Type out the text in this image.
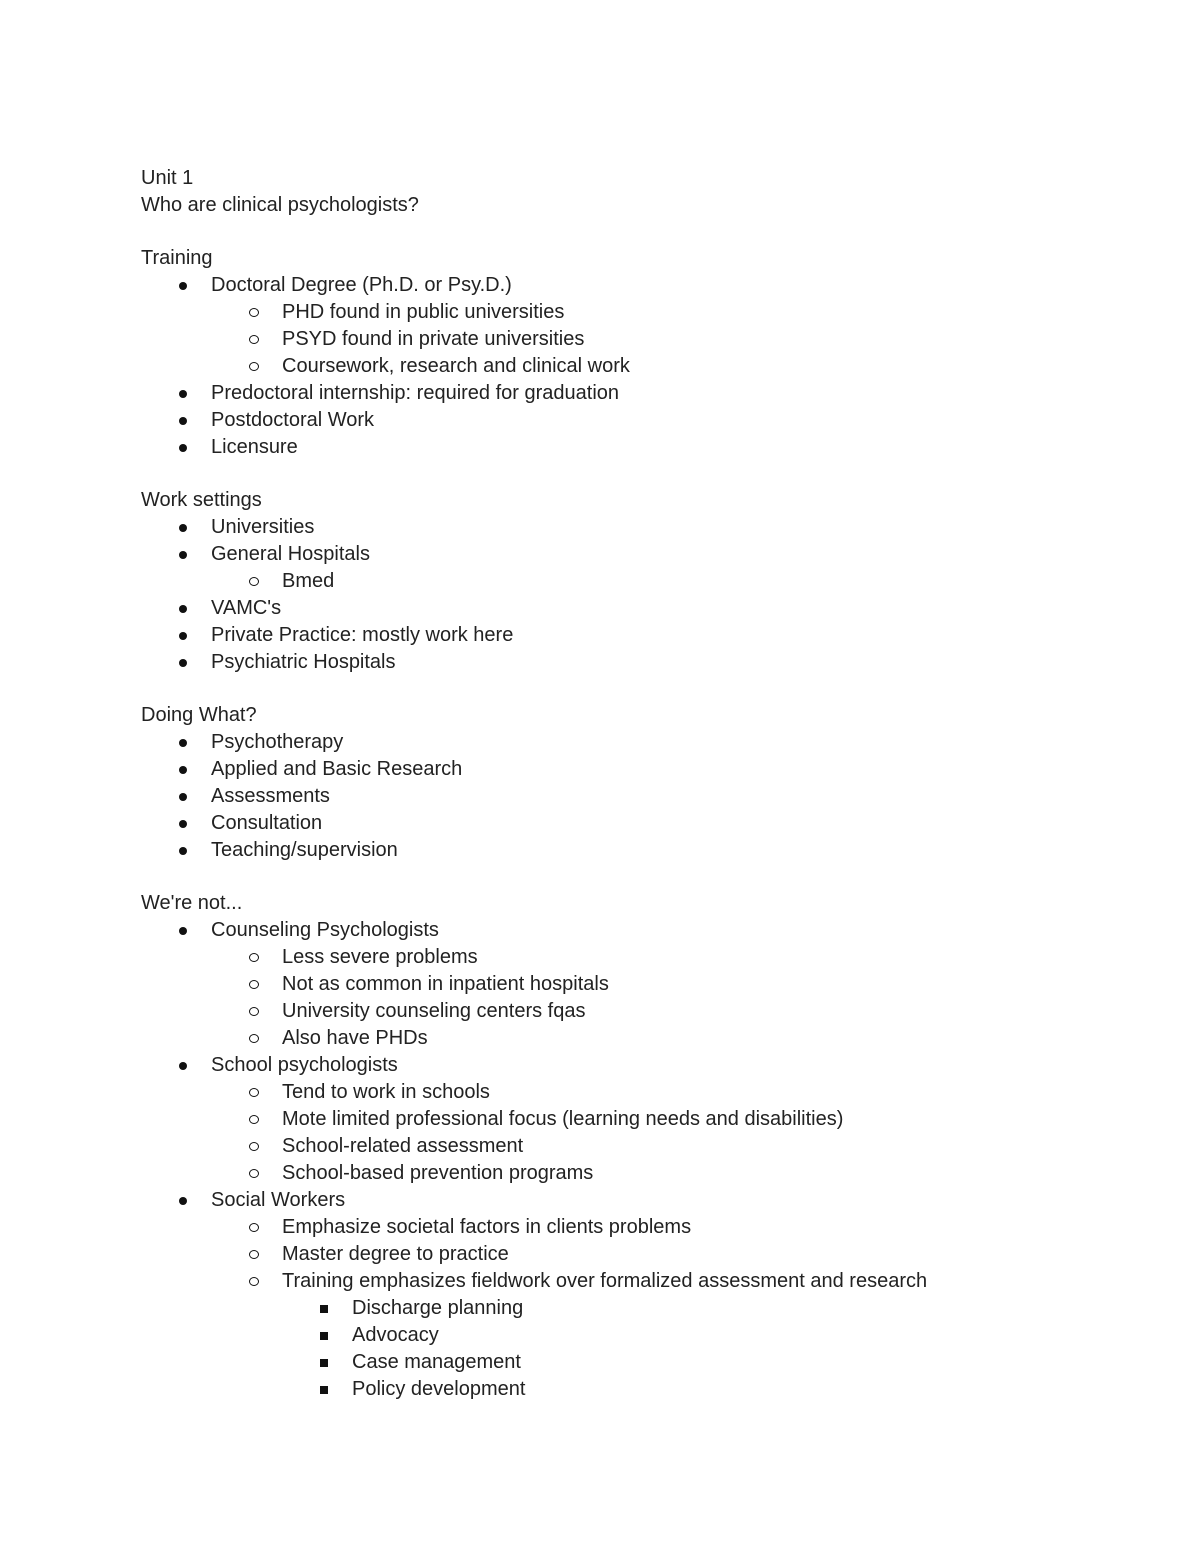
Unit 1
Who are clinical psychologists?
Training
Doctoral Degree (Ph.D. or Psy.D.)
PHD found in public universities
PSYD found in private universities
Coursework, research and clinical work
Predoctoral internship: required for graduation
Postdoctoral Work
Licensure
Work settings
Universities
General Hospitals
Bmed
VAMC's
Private Practice: mostly work here
Psychiatric Hospitals
Doing What?
Psychotherapy
Applied and Basic Research
Assessments
Consultation
Teaching/supervision
We're not...
Counseling Psychologists
Less severe problems
Not as common in inpatient hospitals
University counseling centers fqas
Also have PHDs
School psychologists
Tend to work in schools
Mote limited professional focus (learning needs and disabilities)
School-related assessment
School-based prevention programs
Social Workers
Emphasize societal factors in clients problems
Master degree to practice
Training emphasizes fieldwork over formalized assessment and research
Discharge planning
Advocacy
Case management
Policy development
